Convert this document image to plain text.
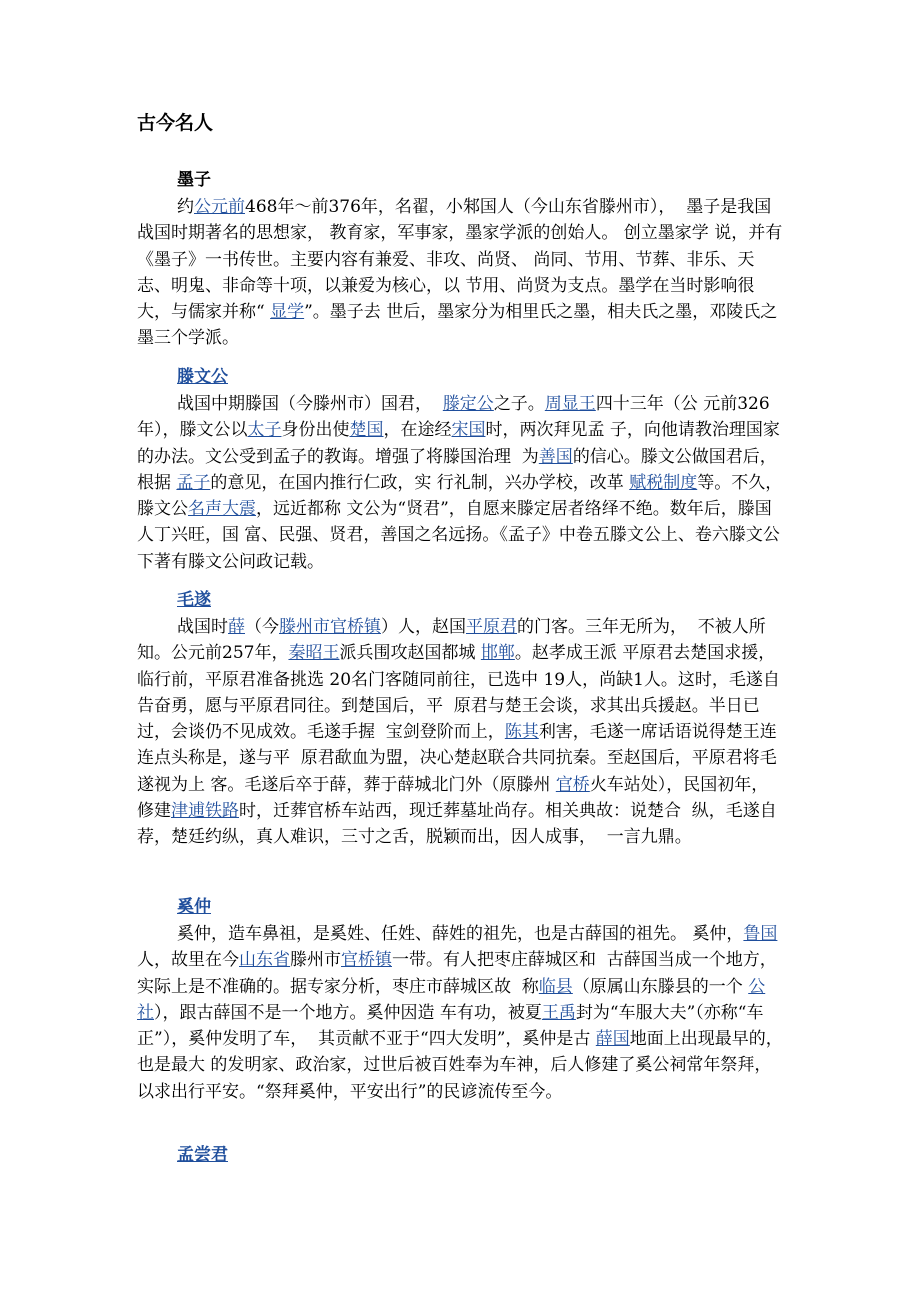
古今名人
墨子

约公元前468年～前376年，名翟，小邾国人（今山东省滕州市），  墨子是我国战国时期著名的思想家， 教育家，军事家，墨家学派的创始人。 创立墨家学 说，并有《墨子》一书传世。主要内容有兼爱、非攻、尚贤、 尚同、节用、节葬、非乐、天志、明鬼、非命等十项，以兼爱为核心，以 节用、尚贤为支点。墨学在当时影响很大，与儒家并称“ 显学”。墨子去 世后，墨家分为相里氏之墨，相夫氏之墨，邓陵氏之墨三个学派。

滕文公

战国中期滕国（今滕州市）国君，  滕定公之子。周显王四十三年（公 元前326年），滕文公以太子身份出使楚国，在途经宋国时，两次拜见孟 子，向他请教治理国家的办法。文公受到孟子的教诲。增强了将滕国治理  为善国的信心。滕文公做国君后，根据 孟子的意见，在国内推行仁政，实 行礼制，兴办学校，改革 赋税制度等。不久，滕文公名声大震，远近都称 文公为“贤君”，自愿来滕定居者络绎不绝。数年后，滕国人丁兴旺，国 富、民强、贤君，善国之名远扬。《孟子》中卷五滕文公上、卷六滕文公 下著有滕文公问政记载。

毛遂

战国时薛（今滕州市官桥镇）人，赵国平原君的门客。三年无所为，  不被人所知。公元前257年，秦昭王派兵围攻赵国都城 邯郸。赵孝成王派 平原君去楚国求援，临行前，平原君准备挑选 20名门客随同前往，已选中 19人，尚缺1人。这时，毛遂自告奋勇，愿与平原君同往。到楚国后，平  原君与楚王会谈，求其出兵援赵。半日已过，会谈仍不见成效。毛遂手握  宝剑登阶而上，陈其利害，毛遂一席话语说得楚王连连点头称是，遂与平  原君歃血为盟，决心楚赵联合共同抗秦。至赵国后，平原君将毛遂视为上 客。毛遂后卒于薛，葬于薛城北门外（原滕州 官桥火车站处），民国初年，  修建津逋铁路时，迁葬官桥车站西，现迁葬墓址尚存。相关典故：说楚合  纵，毛遂自荐，楚廷约纵，真人难识，三寸之舌，脱颖而出，因人成事，  一言九鼎。

奚仲

奚仲，造车鼻祖，是奚姓、任姓、薛姓的祖先，也是古薛国的祖先。 奚仲，鲁国人，故里在今山东省滕州市官桥镇一带。有人把枣庄薛城区和  古薛国当成一个地方，实际上是不准确的。据专家分析，枣庄市薛城区故  称临县（原属山东滕县的一个 公社），跟古薛国不是一个地方。奚仲因造 车有功，被夏王禹封为“车服大夫”（亦称“车正”），奚仲发明了车，  其贡献不亚于“四大发明”，奚仲是古 薛国地面上出现最早的，也是最大 的发明家、政治家，过世后被百姓奉为车神，后人修建了奚公祠常年祭拜，  以求出行平安。“祭拜奚仲，平安出行”的民谚流传至今。

孟尝君
